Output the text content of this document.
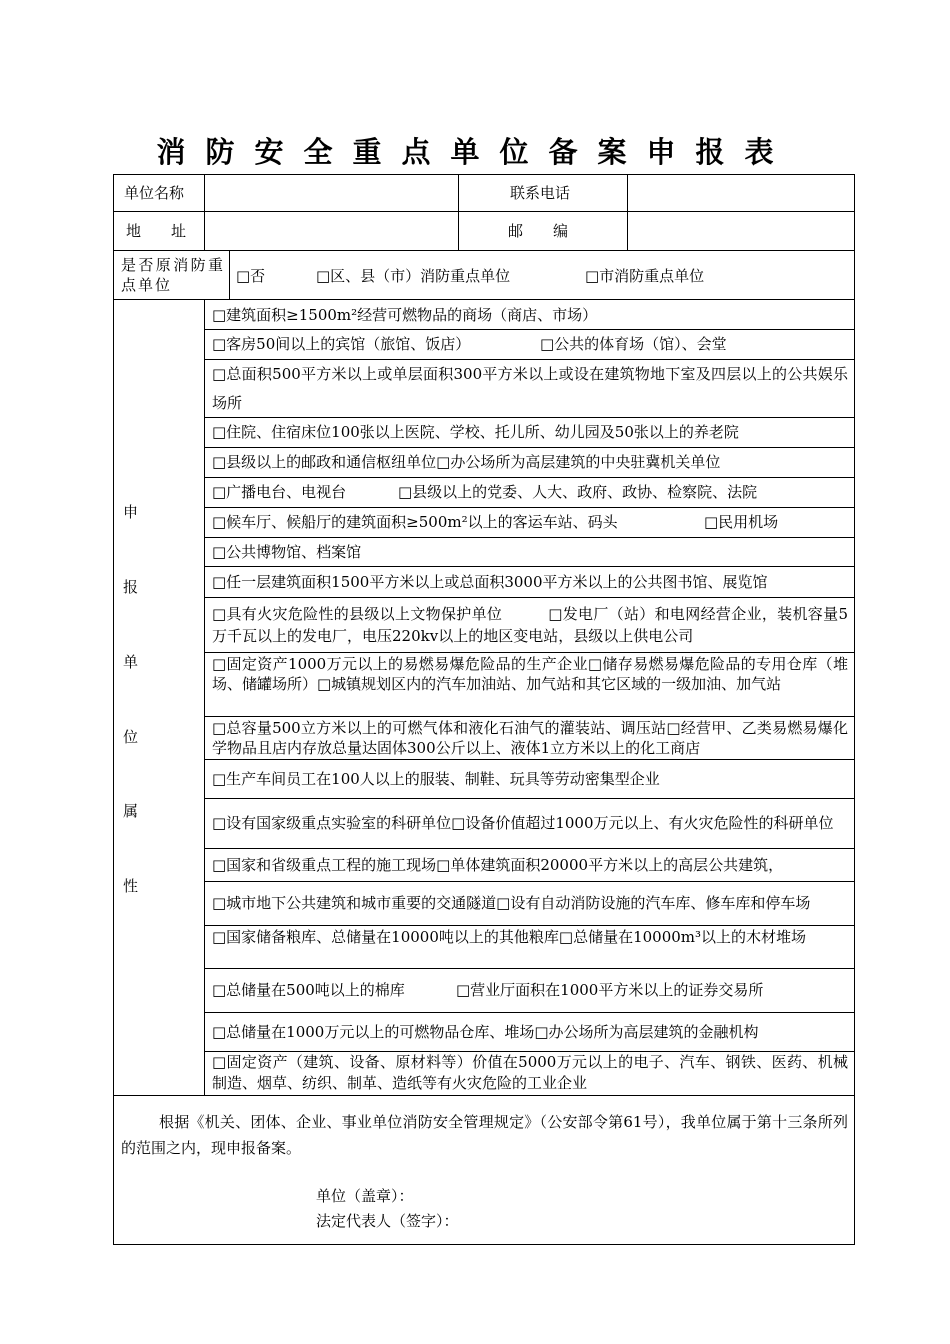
消防安全重点单位备案申报表
单位名称	联系电话
地　　址	邮　　编
是否原消防重点单位	□否	□区、县（市）消防重点单位	□市消防重点单位
申
报
单
位
属
性
□建筑面积≥1500m²经营可燃物品的商场（商店、市场）
□客房50间以上的宾馆（旅馆、饭店）	□公共的体育场（馆）、会堂
□总面积500平方米以上或单层面积300平方米以上或设在建筑物地下室及四层以上的公共娱乐场所
□住院、住宿床位100张以上医院、学校、托儿所、幼儿园及50张以上的养老院
□县级以上的邮政和通信枢纽单位□办公场所为高层建筑的中央驻冀机关单位
□广播电台、电视台	□县级以上的党委、人大、政府、政协、检察院、法院
□候车厅、候船厅的建筑面积≥500m²以上的客运车站、码头	□民用机场
□公共博物馆、档案馆
□任一层建筑面积1500平方米以上或总面积3000平方米以上的公共图书馆、展览馆
□具有火灾危险性的县级以上文物保护单位　　　□发电厂（站）和电网经营企业，装机容量5万千瓦以上的发电厂，电压220kv以上的地区变电站，县级以上供电公司
□固定资产1000万元以上的易燃易爆危险品的生产企业□储存易燃易爆危险品的专用仓库（堆场、储罐场所）□城镇规划区内的汽车加油站、加气站和其它区域的一级加油、加气站
□总容量500立方米以上的可燃气体和液化石油气的灌装站、调压站□经营甲、乙类易燃易爆化学物品且店内存放总量达固体300公斤以上、液体1立方米以上的化工商店
□生产车间员工在100人以上的服装、制鞋、玩具等劳动密集型企业
□设有国家级重点实验室的科研单位□设备价值超过1000万元以上、有火灾危险性的科研单位
□国家和省级重点工程的施工现场□单体建筑面积20000平方米以上的高层公共建筑，
□城市地下公共建筑和城市重要的交通隧道□设有自动消防设施的汽车库、修车库和停车场
□国家储备粮库、总储量在10000吨以上的其他粮库□总储量在10000m³以上的木材堆场
□总储量在500吨以上的棉库	□营业厅面积在1000平方米以上的证券交易所
□总储量在1000万元以上的可燃物品仓库、堆场□办公场所为高层建筑的金融机构
□固定资产（建筑、设备、原材料等）价值在5000万元以上的电子、汽车、钢铁、医药、机械制造、烟草、纺织、制革、造纸等有火灾危险的工业企业
根据《机关、团体、企业、事业单位消防安全管理规定》（公安部令第61号），我单位属于第十三条所列的范围之内，现申报备案。
单位（盖章）：
法定代表人（签字）：
